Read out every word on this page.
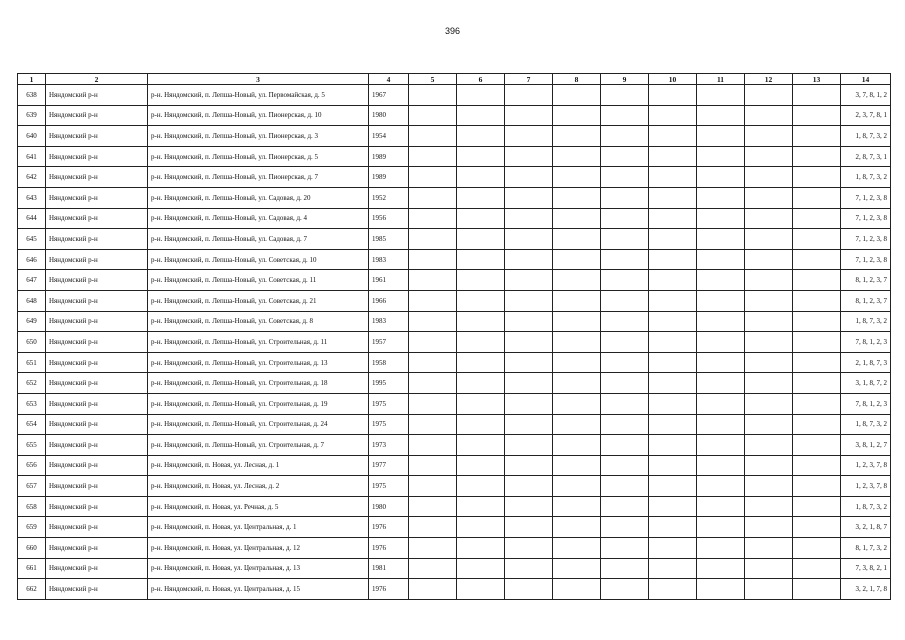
396
1	2	3	4	5	6	7	8	9	10	11	12	13	14
638	Няндомский р-н	р-н. Няндомский, п. Лепша-Новый, ул. Первомайская, д. 5	1967										3, 7, 8, 1, 2
639	Няндомский р-н	р-н. Няндомский, п. Лепша-Новый, ул. Пионерская, д. 10	1980										2, 3, 7, 8, 1
640	Няндомский р-н	р-н. Няндомский, п. Лепша-Новый, ул. Пионерская, д. 3	1954										1, 8, 7, 3, 2
641	Няндомский р-н	р-н. Няндомский, п. Лепша-Новый, ул. Пионерская, д. 5	1989										2, 8, 7, 3, 1
642	Няндомский р-н	р-н. Няндомский, п. Лепша-Новый, ул. Пионерская, д. 7	1989										1, 8, 7, 3, 2
643	Няндомский р-н	р-н. Няндомский, п. Лепша-Новый, ул. Садовая, д. 20	1952										7, 1, 2, 3, 8
644	Няндомский р-н	р-н. Няндомский, п. Лепша-Новый, ул. Садовая, д. 4	1956										7, 1, 2, 3, 8
645	Няндомский р-н	р-н. Няндомский, п. Лепша-Новый, ул. Садовая, д. 7	1985										7, 1, 2, 3, 8
646	Няндомский р-н	р-н. Няндомский, п. Лепша-Новый, ул. Советская, д. 10	1983										7, 1, 2, 3, 8
647	Няндомский р-н	р-н. Няндомский, п. Лепша-Новый, ул. Советская, д. 11	1961										8, 1, 2, 3, 7
648	Няндомский р-н	р-н. Няндомский, п. Лепша-Новый, ул. Советская, д. 21	1966										8, 1, 2, 3, 7
649	Няндомский р-н	р-н. Няндомский, п. Лепша-Новый, ул. Советская, д. 8	1983										1, 8, 7, 3, 2
650	Няндомский р-н	р-н. Няндомский, п. Лепша-Новый, ул. Строительная, д. 11	1957										7, 8, 1, 2, 3
651	Няндомский р-н	р-н. Няндомский, п. Лепша-Новый, ул. Строительная, д. 13	1958										2, 1, 8, 7, 3
652	Няндомский р-н	р-н. Няндомский, п. Лепша-Новый, ул. Строительная, д. 18	1995										3, 1, 8, 7, 2
653	Няндомский р-н	р-н. Няндомский, п. Лепша-Новый, ул. Строительная, д. 19	1975										7, 8, 1, 2, 3
654	Няндомский р-н	р-н. Няндомский, п. Лепша-Новый, ул. Строительная, д. 24	1975										1, 8, 7, 3, 2
655	Няндомский р-н	р-н. Няндомский, п. Лепша-Новый, ул. Строительная, д. 7	1973										3, 8, 1, 2, 7
656	Няндомский р-н	р-н. Няндомский, п. Новая, ул. Лесная, д. 1	1977										1, 2, 3, 7, 8
657	Няндомский р-н	р-н. Няндомский, п. Новая, ул. Лесная, д. 2	1975										1, 2, 3, 7, 8
658	Няндомский р-н	р-н. Няндомский, п. Новая, ул. Речная, д. 5	1980										1, 8, 7, 3, 2
659	Няндомский р-н	р-н. Няндомский, п. Новая, ул. Центральная, д. 1	1976										3, 2, 1, 8, 7
660	Няндомский р-н	р-н. Няндомский, п. Новая, ул. Центральная, д. 12	1976										8, 1, 7, 3, 2
661	Няндомский р-н	р-н. Няндомский, п. Новая, ул. Центральная, д. 13	1981										7, 3, 8, 2, 1
662	Няндомский р-н	р-н. Няндомский, п. Новая, ул. Центральная, д. 15	1976										3, 2, 1, 7, 8
